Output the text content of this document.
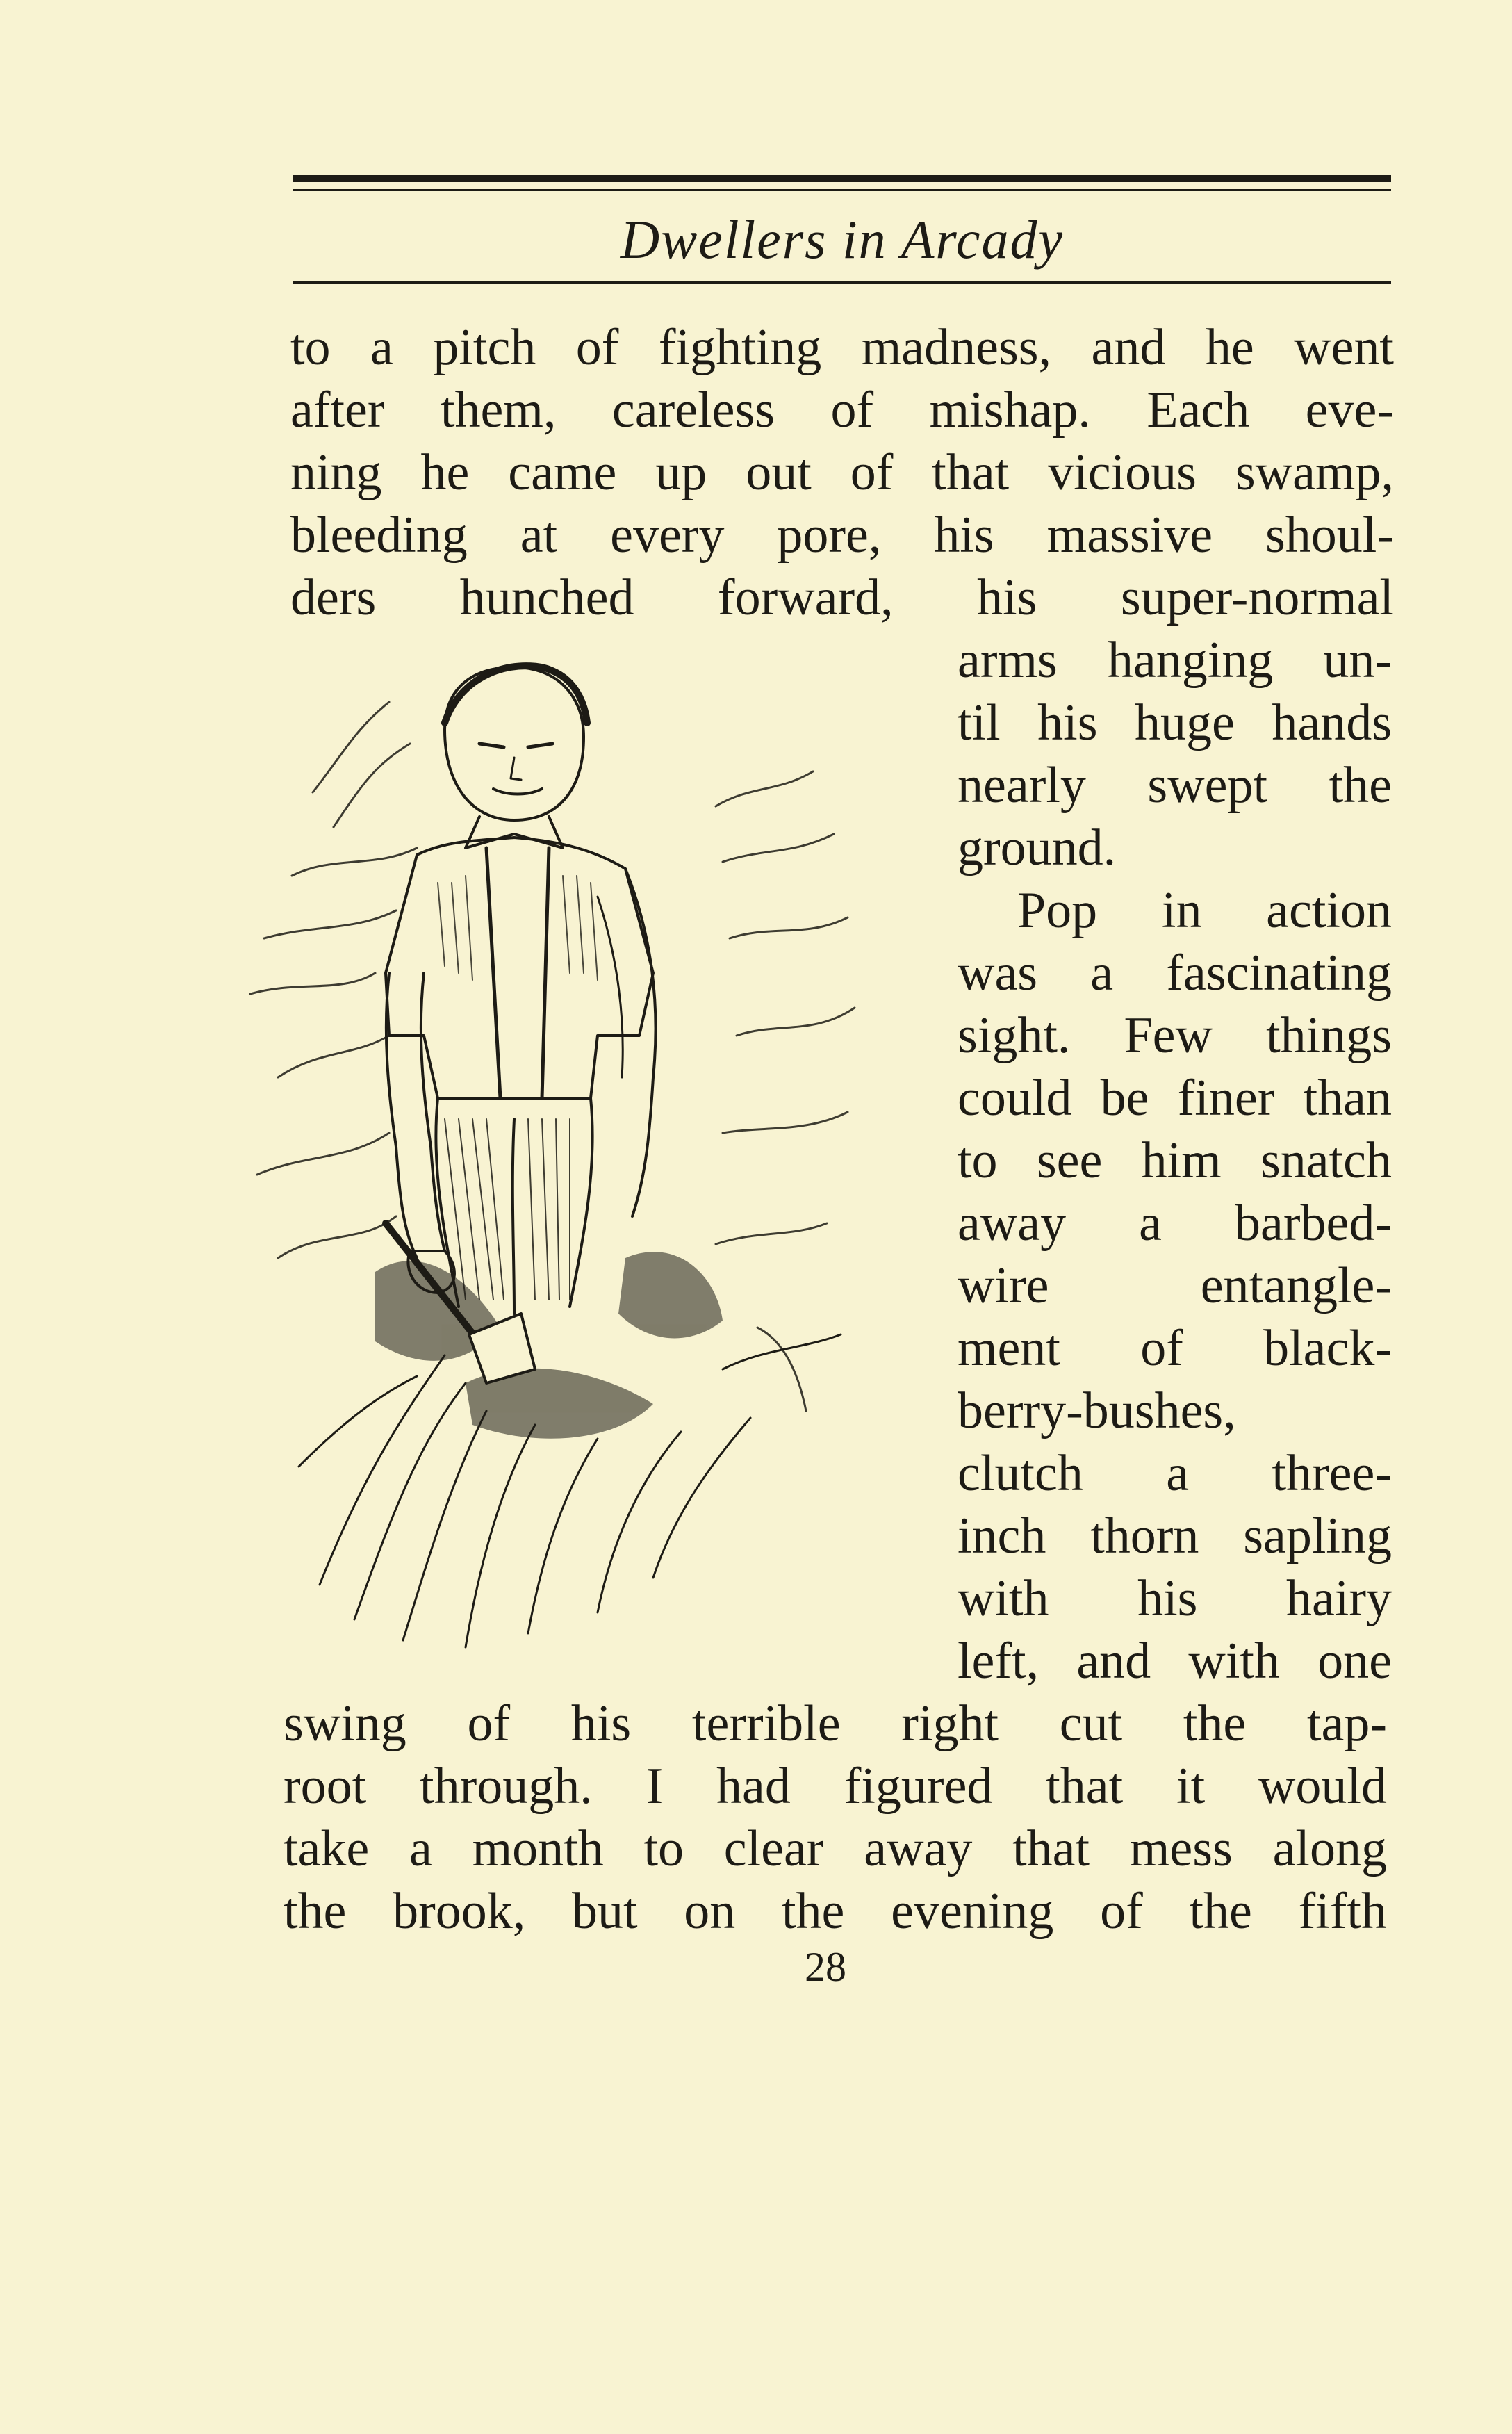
Dwellers in Arcady
to a pitch of fighting madness, and he went
after them, careless of mishap. Each eve-
ning he came up out of that vicious swamp,
bleeding at every pore, his massive shoul-
ders hunched forward, his super-normal
arms hanging un-
til his huge hands
nearly swept the
ground.
Pop in action
was a fascinating
sight. Few things
could be finer than
to see him snatch
away a barbed-
wire entangle-
ment of black-
berry-bushes,
clutch a three-
inch thorn sapling
with his hairy
left, and with one
swing of his terrible right cut the tap-
root through. I had figured that it would
take a month to clear away that mess along
the brook, but on the evening of the fifth
28
